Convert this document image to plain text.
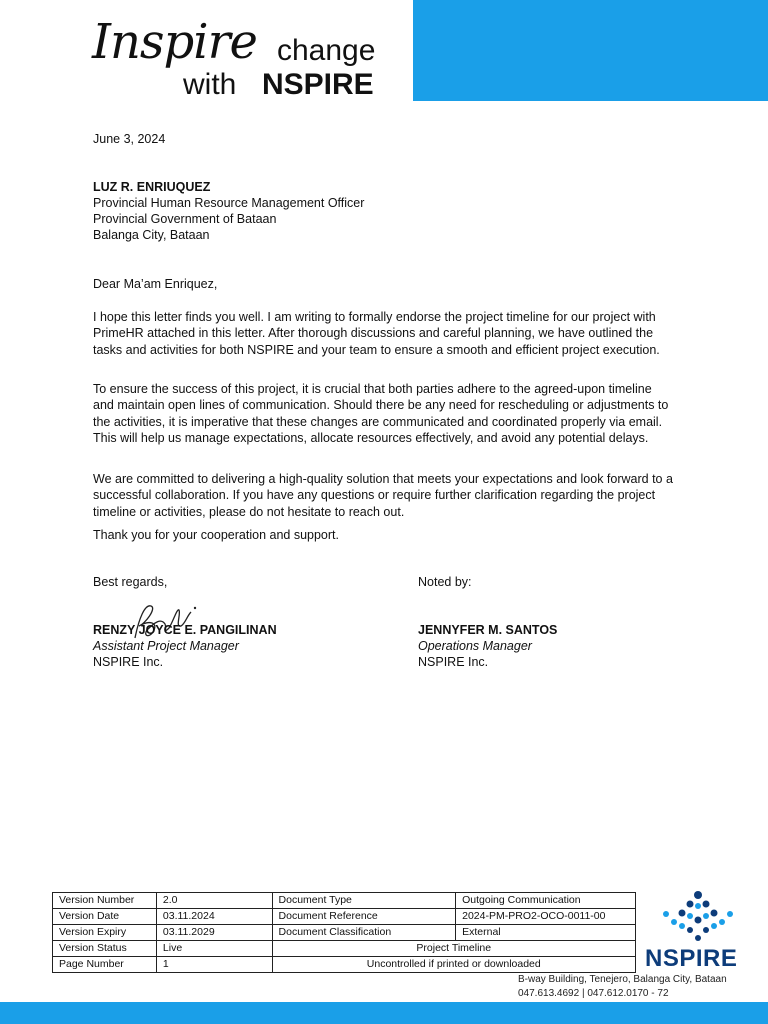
Inspire change
with NSPIRE
June 3, 2024
LUZ R. ENRIUQUEZ
Provincial Human Resource Management Officer
Provincial Government of Bataan
Balanga City, Bataan
Dear Ma’am Enriquez,
I hope this letter finds you well. I am writing to formally endorse the project timeline for our project with PrimeHR attached in this letter. After thorough discussions and careful planning, we have outlined the tasks and activities for both NSPIRE and your team to ensure a smooth and efficient project execution.
To ensure the success of this project, it is crucial that both parties adhere to the agreed-upon timeline and maintain open lines of communication. Should there be any need for rescheduling or adjustments to the activities, it is imperative that these changes are communicated and coordinated properly via email. This will help us manage expectations, allocate resources effectively, and avoid any potential delays.
We are committed to delivering a high-quality solution that meets your expectations and look forward to a successful collaboration. If you have any questions or require further clarification regarding the project timeline or activities, please do not hesitate to reach out.
Thank you for your cooperation and support.
Best regards,	Noted by:
RENZY JOYCE E. PANGILINAN
Assistant Project Manager
NSPIRE Inc.
JENNYFER M. SANTOS
Operations Manager
NSPIRE Inc.
Version Number	2.0	Document Type	Outgoing Communication
Version Date	03.11.2024	Document Reference	2024-PM-PRO2-OCO-0011-00
Version Expiry	03.11.2029	Document Classification	External
Version Status	Live	Project Timeline	
Page Number	1	Uncontrolled if printed or downloaded		NSPIRE
B-way Building, Tenejero, Balanga City, Bataan
047.613.4692 | 047.612.0170 - 72
